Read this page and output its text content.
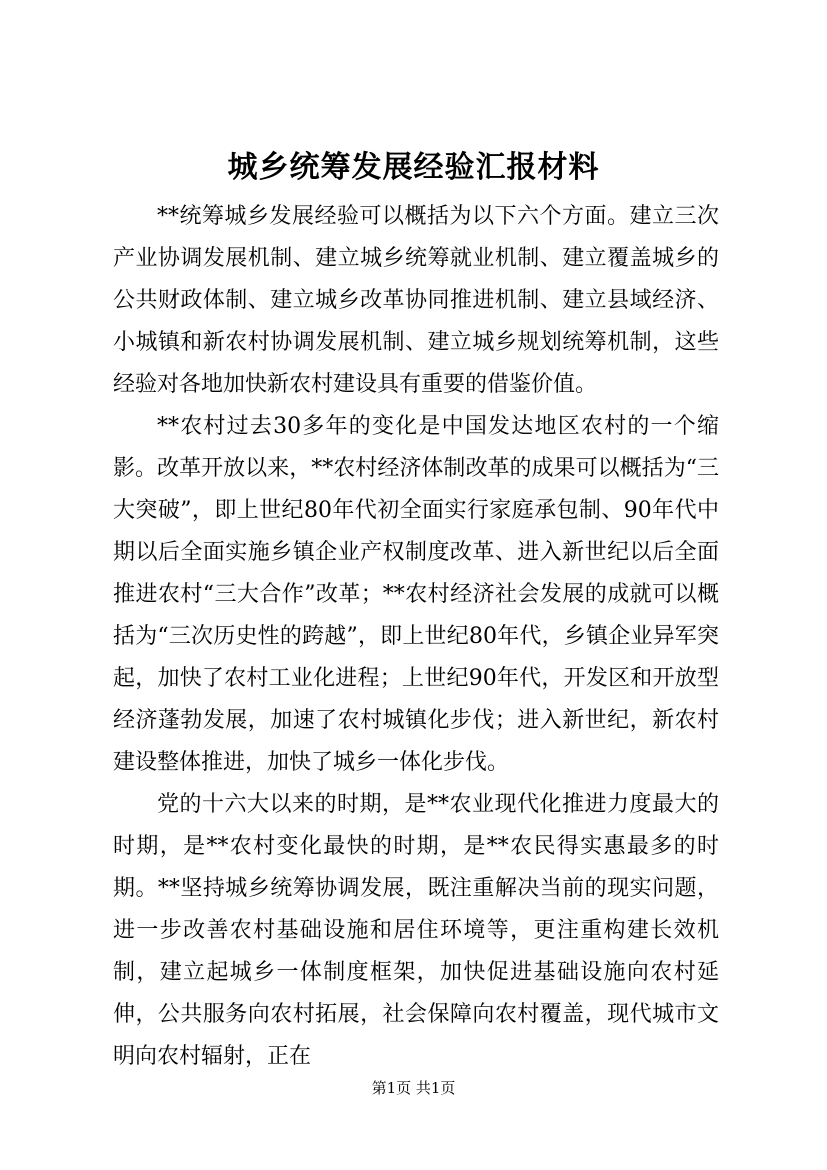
城乡统筹发展经验汇报材料

**统筹城乡发展经验可以概括为以下六个方面。建立三次产业协调发展机制、建立城乡统筹就业机制、建立覆盖城乡的公共财政体制、建立城乡改革协同推进机制、建立县域经济、小城镇和新农村协调发展机制、建立城乡规划统筹机制，这些经验对各地加快新农村建设具有重要的借鉴价值。

**农村过去30多年的变化是中国发达地区农村的一个缩影。改革开放以来，**农村经济体制改革的成果可以概括为“三大突破”，即上世纪80年代初全面实行家庭承包制、90年代中期以后全面实施乡镇企业产权制度改革、进入新世纪以后全面推进农村“三大合作”改革；**农村经济社会发展的成就可以概括为“三次历史性的跨越”，即上世纪80年代，乡镇企业异军突起，加快了农村工业化进程；上世纪90年代，开发区和开放型经济蓬勃发展，加速了农村城镇化步伐；进入新世纪，新农村建设整体推进，加快了城乡一体化步伐。

党的十六大以来的时期，是**农业现代化推进力度最大的时期，是**农村变化最快的时期，是**农民得实惠最多的时期。**坚持城乡统筹协调发展，既注重解决当前的现实问题，进一步改善农村基础设施和居住环境等，更注重构建长效机制，建立起城乡一体制度框架，加快促进基础设施向农村延伸，公共服务向农村拓展，社会保障向农村覆盖，现代城市文明向农村辐射，正在

第1页 共1页
